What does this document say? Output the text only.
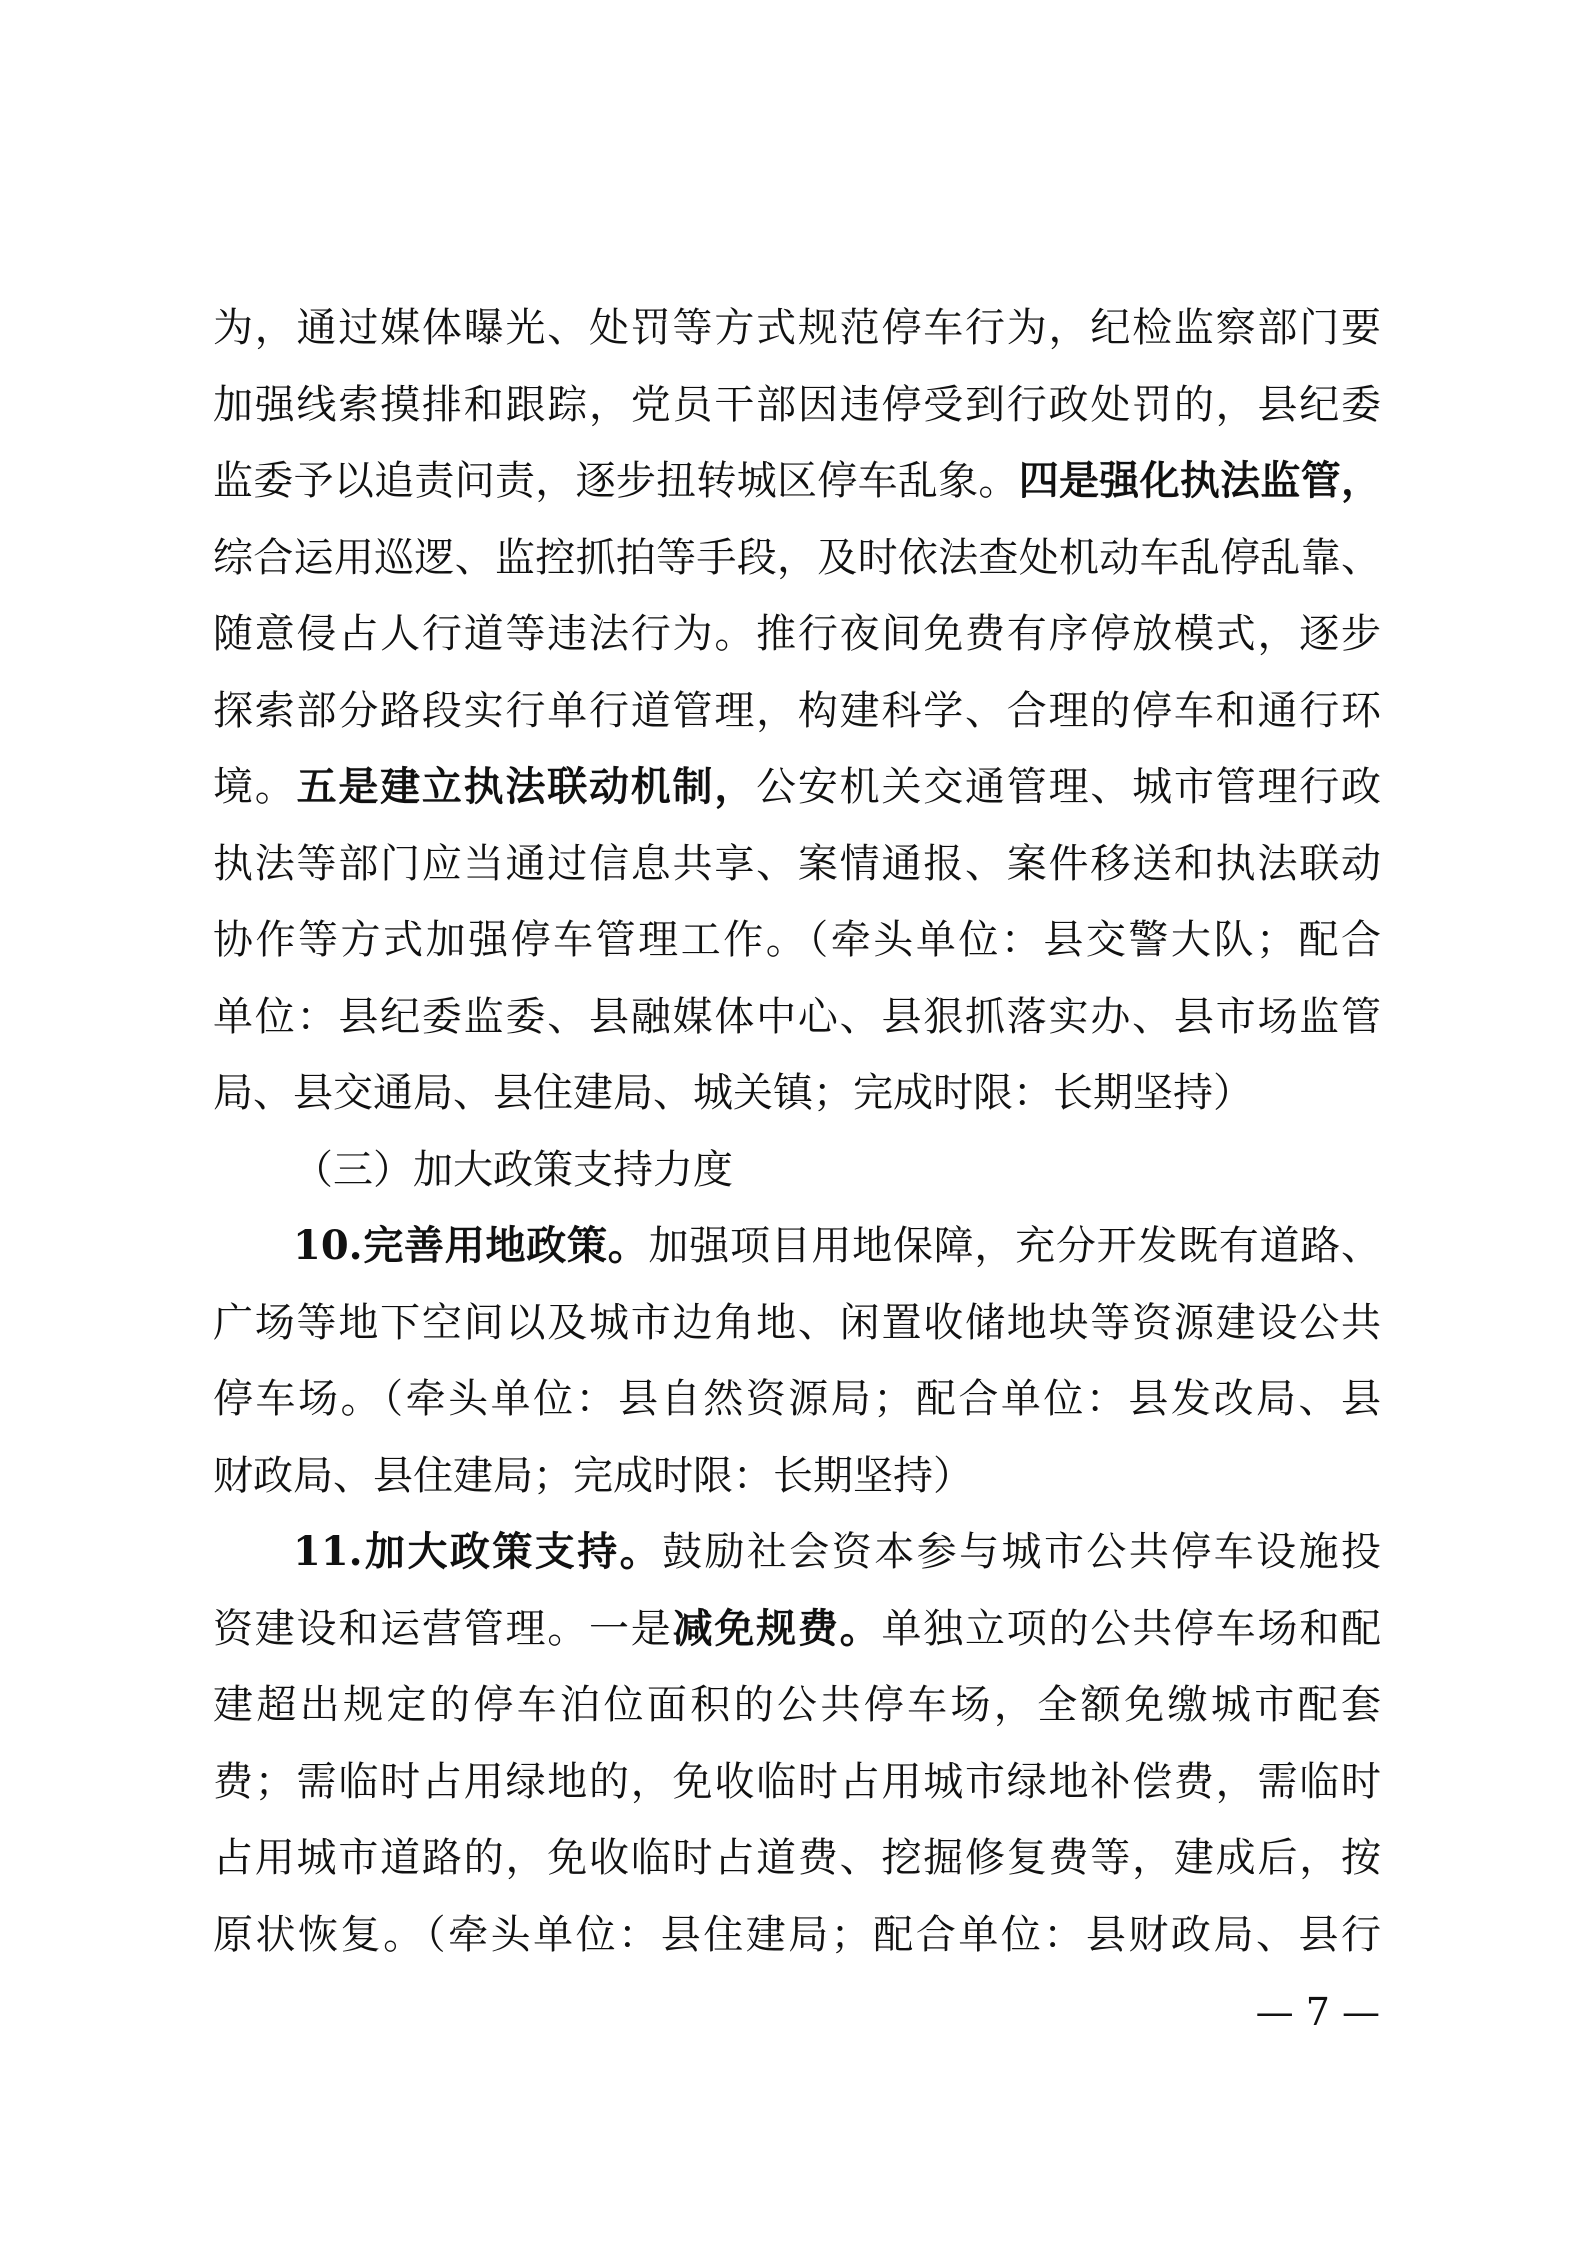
为，通过媒体曝光、处罚等方式规范停车行为，纪检监察部门要
加强线索摸排和跟踪，党员干部因违停受到行政处罚的，县纪委
监委予以追责问责，逐步扭转城区停车乱象。四是强化执法监管，
综合运用巡逻、监控抓拍等手段，及时依法查处机动车乱停乱靠、
随意侵占人行道等违法行为。推行夜间免费有序停放模式，逐步
探索部分路段实行单行道管理，构建科学、合理的停车和通行环
境。五是建立执法联动机制，公安机关交通管理、城市管理行政
执法等部门应当通过信息共享、案情通报、案件移送和执法联动
协作等方式加强停车管理工作。（牵头单位：县交警大队；配合
单位：县纪委监委、县融媒体中心、县狠抓落实办、县市场监管
局、县交通局、县住建局、城关镇；完成时限：长期坚持）
（三）加大政策支持力度
10.完善用地政策。加强项目用地保障，充分开发既有道路、
广场等地下空间以及城市边角地、闲置收储地块等资源建设公共
停车场。（牵头单位：县自然资源局；配合单位：县发改局、县
财政局、县住建局；完成时限：长期坚持）
11.加大政策支持。鼓励社会资本参与城市公共停车设施投
资建设和运营管理。一是减免规费。单独立项的公共停车场和配
建超出规定的停车泊位面积的公共停车场，全额免缴城市配套
费；需临时占用绿地的，免收临时占用城市绿地补偿费，需临时
占用城市道路的，免收临时占道费、挖掘修复费等，建成后，按
原状恢复。（牵头单位：县住建局；配合单位：县财政局、县行
— 7 —
